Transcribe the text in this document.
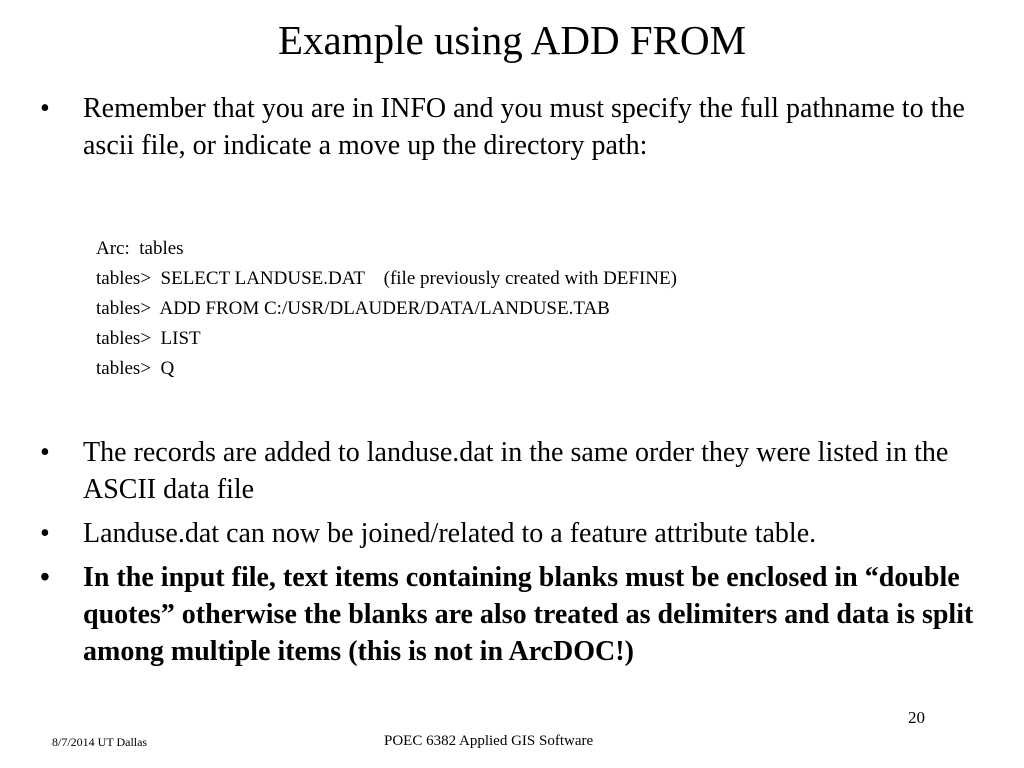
Example using ADD FROM
• Remember that you are in INFO and you must specify the full pathname to the ascii file, or indicate a move up the directory path:
Arc:  tables
tables>  SELECT LANDUSE.DAT    (file previously created with DEFINE)
tables>  ADD FROM C:/USR/DLAUDER/DATA/LANDUSE.TAB
tables>  LIST
tables>  Q
• The records are added to landuse.dat in the same order they were listed in the ASCII data file
• Landuse.dat can now be joined/related to a feature attribute table.
• In the input file, text items containing blanks must be enclosed in “double quotes” otherwise the blanks are also treated as delimiters and data is split among multiple items (this is not in ArcDOC!)
20
8/7/2014 UT Dallas	POEC 6382 Applied GIS Software
